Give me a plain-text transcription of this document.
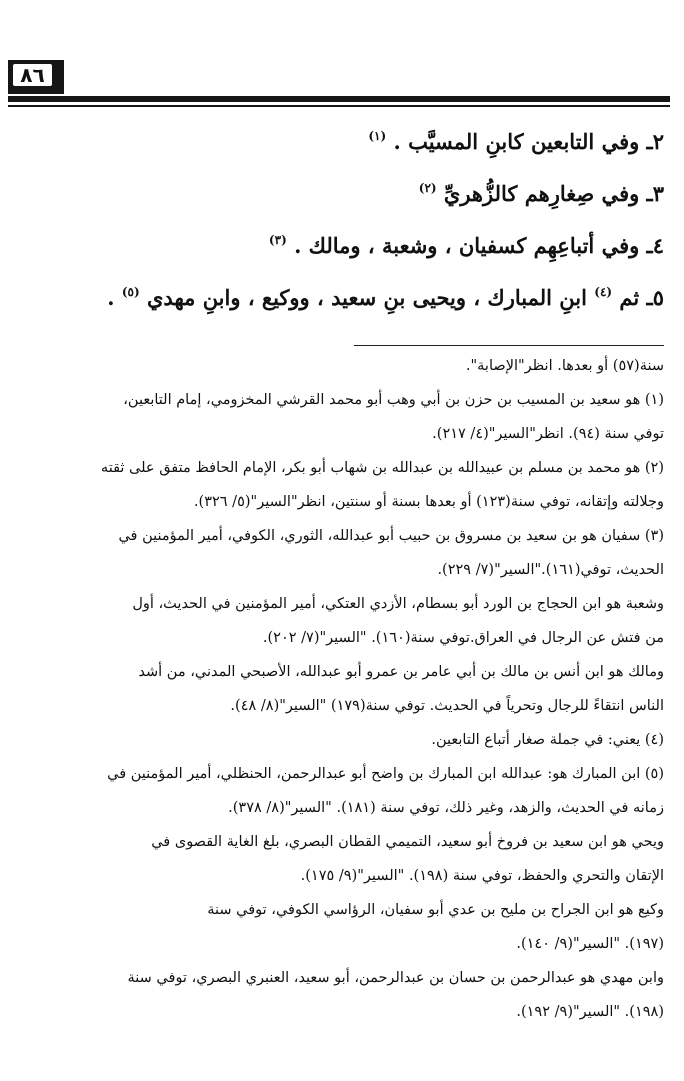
٨٦
٢ـ وفي التابعين كابنِ المسيَّب . $^{(١)}$
٣ـ وفي صِغارِهم كالزُّهريِّ $^{(٢)}$
٤ـ وفي أتباعِهِم كسفيان ، وشعبة ، ومالك . $^{(٣)}$
٥ـ ثم $^{(٤)}$ ابنِ المبارك ، ويحيى بنِ سعيد ، ووكيع ، وابنِ مهدي $^{(٥)}$ .
سنة(٥٧) أو بعدها. انظر"الإصابة".
(١) هو سعيد بن المسيب بن حزن بن أبي وهب أبو محمد القرشي المخزومي، إمام التابعين،
توفي سنة (٩٤). انظر"السير"(٤/ ٢١٧).
(٢) هو محمد بن مسلم بن عبيدالله بن عبدالله بن شهاب أبو بكر، الإمام الحافظ متفق على ثقته
وجلالته وإتقانه، توفي سنة(١٢٣) أو بعدها بسنة أو سنتين، انظر"السير"(٥/ ٣٢٦).
(٣) سفيان هو بن سعيد بن مسروق بن حبيب أبو عبدالله، الثوري، الكوفي، أمير المؤمنين في
الحديث، توفي(١٦١)."السير"(٧/ ٢٢٩).
وشعبة هو ابن الحجاج بن الورد أبو بسطام، الأزدي العتكي، أمير المؤمنين في الحديث، أول
من فتش عن الرجال في العراق.توفي سنة(١٦٠). "السير"(٧/ ٢٠٢).
ومالك هو ابن أنس بن مالك بن أبي عامر بن عمرو أبو عبدالله، الأصبحي المدني، من أشد
الناس انتقاءً للرجال وتحرياً في الحديث. توفي سنة(١٧٩) "السير"(٨/ ٤٨).
(٤) يعني: في جملة صغار أتباع التابعين.
(٥) ابن المبارك هو: عبدالله ابن المبارك بن واضح أبو عبدالرحمن، الحنظلي، أمير المؤمنين في
زمانه في الحديث، والزهد، وغير ذلك، توفي سنة (١٨١). "السير"(٨/ ٣٧٨).
ويحي هو ابن سعيد بن فروخ أبو سعيد، التميمي القطان البصري، بلغ الغاية القصوى في
الإتقان والتحري والحفظ، توفي سنة (١٩٨). "السير"(٩/ ١٧٥).
وكيع هو ابن الجراح بن مليح بن عدي أبو سفيان، الرؤاسي الكوفي، توفي سنة
(١٩٧). "السير"(٩/ ١٤٠).
وابن مهدي هو عبدالرحمن بن حسان بن عبدالرحمن، أبو سعيد، العنبري البصري، توفي سنة
(١٩٨). "السير"(٩/ ١٩٢).
